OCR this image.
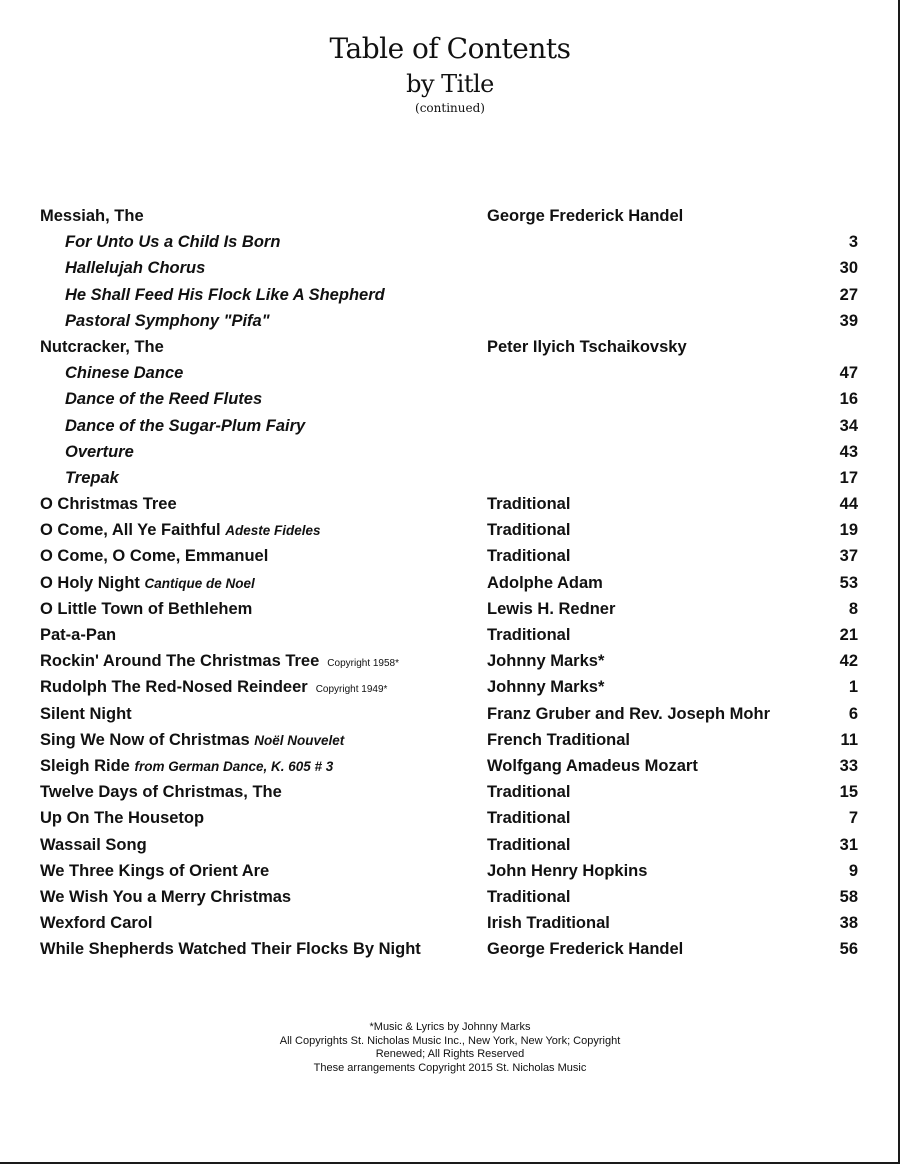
Table of Contents
by Title
(continued)
Messiah, The	George Frederick Handel
For Unto Us a Child Is Born	3
Hallelujah Chorus	30
He Shall Feed His Flock Like A Shepherd	27
Pastoral Symphony "Pifa"	39
Nutcracker, The	Peter Ilyich Tschaikovsky
Chinese Dance	47
Dance of the Reed Flutes	16
Dance of the Sugar-Plum Fairy	34
Overture	43
Trepak	17
O Christmas Tree	Traditional	44
O Come, All Ye Faithful Adeste Fideles	Traditional	19
O Come, O Come, Emmanuel	Traditional	37
O Holy Night Cantique de Noel	Adolphe Adam	53
O Little Town of Bethlehem	Lewis H. Redner	8
Pat-a-Pan	Traditional	21
Rockin' Around The Christmas Tree Copyright 1958*	Johnny Marks*	42
Rudolph The Red-Nosed Reindeer Copyright 1949*	Johnny Marks*	1
Silent Night	Franz Gruber and Rev. Joseph Mohr	6
Sing We Now of Christmas Noël Nouvelet	French Traditional	11
Sleigh Ride from German Dance, K. 605 # 3	Wolfgang Amadeus Mozart	33
Twelve Days of Christmas, The	Traditional	15
Up On The Housetop	Traditional	7
Wassail Song	Traditional	31
We Three Kings of Orient Are	John Henry Hopkins	9
We Wish You a Merry Christmas	Traditional	58
Wexford Carol	Irish Traditional	38
While Shepherds Watched Their Flocks By Night	George Frederick Handel	56
*Music & Lyrics by Johnny Marks
All Copyrights St. Nicholas Music Inc., New York, New York; Copyright
Renewed; All Rights Reserved
These arrangements Copyright 2015 St. Nicholas Music
